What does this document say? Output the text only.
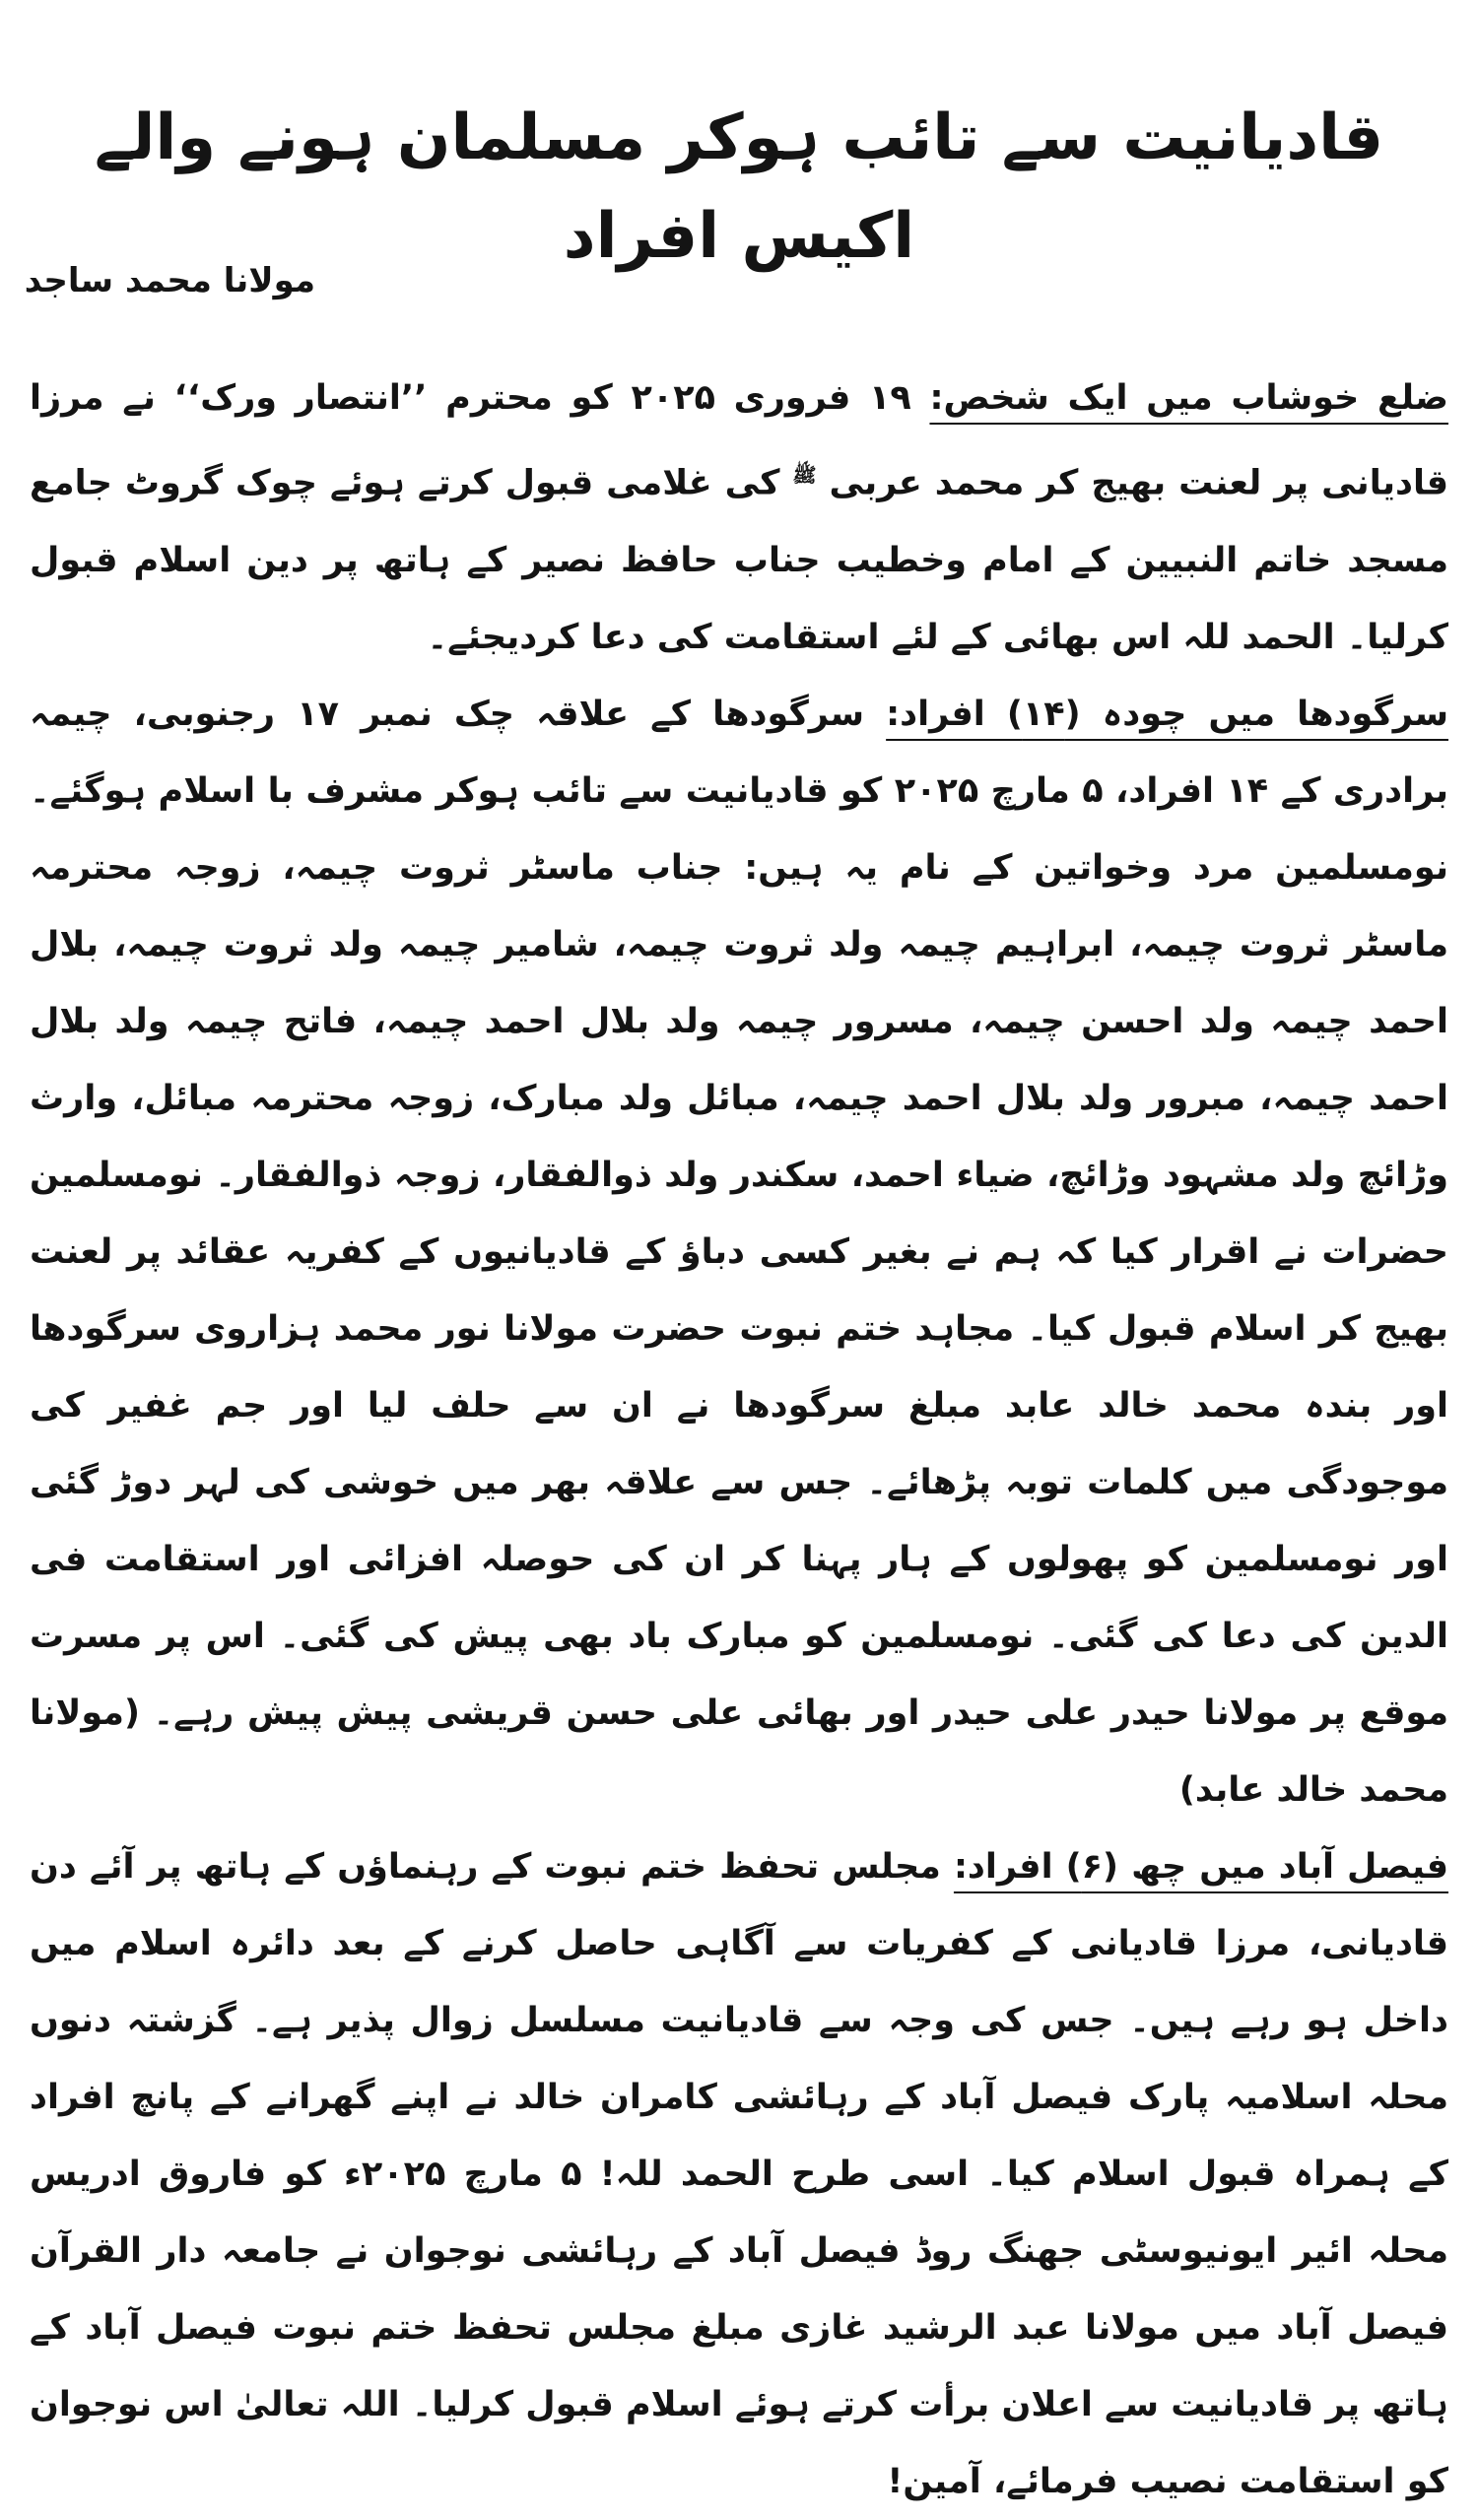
قادیانیت سے تائب ہوکر مسلمان ہونے والے اکیس افراد
مولانا محمد ساجد

ضلع خوشاب میں ایک شخص: ۱۹ فروری ۲۰۲۵ کو محترم ’’انتصار ورک‘‘ نے مرزا قادیانی پر لعنت بھیج کر محمد عربی $^ﷺ$ کی غلامی قبول کرتے ہوئے چوک گروٹ جامع مسجد خاتم النبیین کے امام وخطیب جناب حافظ نصیر کے ہاتھ پر دین اسلام قبول کرلیا۔ الحمد للہ اس بھائی کے لئے استقامت کی دعا کردیجئے۔

سرگودھا میں چودہ (۱۴) افراد: سرگودھا کے علاقہ چک نمبر ۱۷ رجنوبی، چیمہ برادری کے ۱۴ افراد، ۵ مارچ ۲۰۲۵ کو قادیانیت سے تائب ہوکر مشرف با اسلام ہوگئے۔ نومسلمین مرد وخواتین کے نام یہ ہیں: جناب ماسٹر ثروت چیمہ، زوجہ محترمہ ماسٹر ثروت چیمہ، ابراہیم چیمہ ولد ثروت چیمہ، شامیر چیمہ ولد ثروت چیمہ، بلال احمد چیمہ ولد احسن چیمہ، مسرور چیمہ ولد بلال احمد چیمہ، فاتح چیمہ ولد بلال احمد چیمہ، مبرور ولد بلال احمد چیمہ، مبائل ولد مبارک، زوجہ محترمہ مبائل، وارث وڑائچ ولد مشہود وڑائچ، ضیاء احمد، سکندر ولد ذوالفقار، زوجہ ذوالفقار۔ نومسلمین حضرات نے اقرار کیا کہ ہم نے بغیر کسی دباؤ کے قادیانیوں کے کفریہ عقائد پر لعنت بھیج کر اسلام قبول کیا۔ مجاہد ختم نبوت حضرت مولانا نور محمد ہزاروی سرگودھا اور بندہ محمد خالد عابد مبلغ سرگودھا نے ان سے حلف لیا اور جم غفیر کی موجودگی میں کلمات توبہ پڑھائے۔ جس سے علاقہ بھر میں خوشی کی لہر دوڑ گئی اور نومسلمین کو پھولوں کے ہار پہنا کر ان کی حوصلہ افزائی اور استقامت فی الدین کی دعا کی گئی۔ نومسلمین کو مبارک باد بھی پیش کی گئی۔ اس پر مسرت موقع پر مولانا حیدر علی حیدر اور بھائی علی حسن قریشی پیش پیش رہے۔ (مولانا محمد خالد عابد)

فیصل آباد میں چھ (۶) افراد: مجلس تحفظ ختم نبوت کے رہنماؤں کے ہاتھ پر آئے دن قادیانی، مرزا قادیانی کے کفریات سے آگاہی حاصل کرنے کے بعد دائرہ اسلام میں داخل ہو رہے ہیں۔ جس کی وجہ سے قادیانیت مسلسل زوال پذیر ہے۔ گزشتہ دنوں محلہ اسلامیہ پارک فیصل آباد کے رہائشی کامران خالد نے اپنے گھرانے کے پانچ افراد کے ہمراہ قبول اسلام کیا۔ اسی طرح الحمد للہ! ۵ مارچ ۲۰۲۵ء کو فاروق ادریس محلہ ائیر ایونیوسٹی جھنگ روڈ فیصل آباد کے رہائشی نوجوان نے جامعہ دار القرآن فیصل آباد میں مولانا عبد الرشید غازی مبلغ مجلس تحفظ ختم نبوت فیصل آباد کے ہاتھ پر قادیانیت سے اعلان برأت کرتے ہوئے اسلام قبول کرلیا۔ اللہ تعالیٰ اس نوجوان کو استقامت نصیب فرمائے، آمین!
